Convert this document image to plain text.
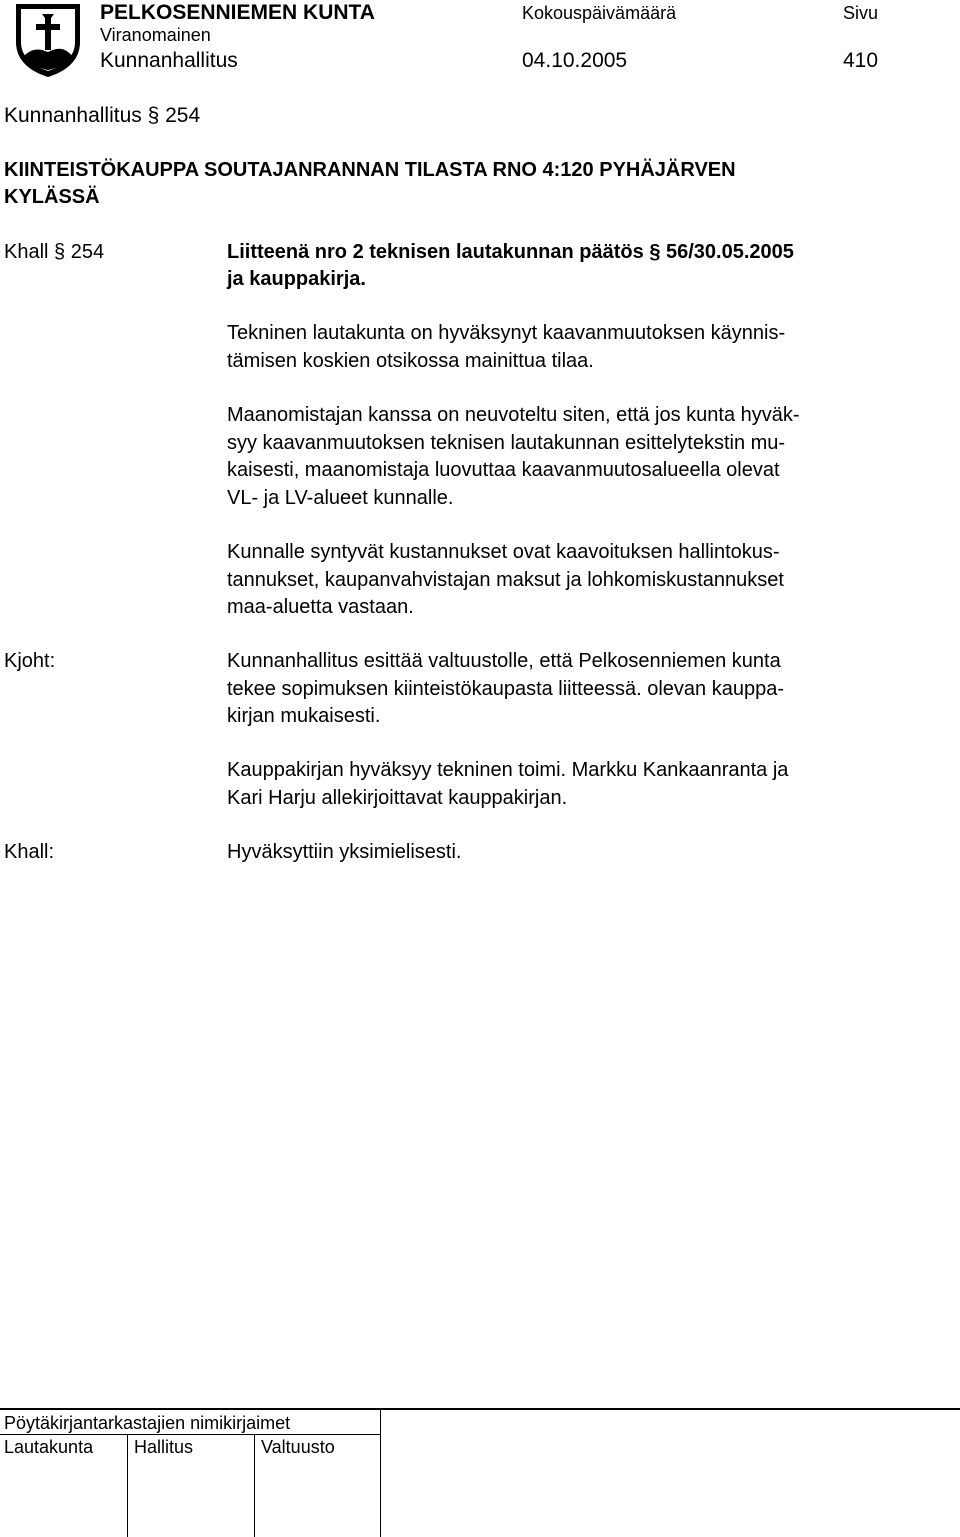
PELKOSENNIEMEN KUNTA
Viranomainen
Kunnanhallitus
Kokouspäivämäärä
04.10.2005
Sivu
410
Kunnanhallitus § 254
KIINTEISTÖKAUPPA SOUTAJANRANNAN TILASTA RNO 4:120 PYHÄJÄRVEN
KYLÄSSÄ
Khall § 254	Liitteenä nro 2 teknisen lautakunnan päätös § 56/30.05.2005
ja kauppakirja.

Tekninen lautakunta on hyväksynyt kaavanmuutoksen käynnis-

tämisen koskien otsikossa mainittua tilaa.

Maanomistajan kanssa on neuvoteltu siten, että jos kunta hyväk-

syy kaavanmuutoksen teknisen lautakunnan esittelytekstin mu-

kaisesti, maanomistaja luovuttaa kaavanmuutosalueella olevat

VL- ja LV-alueet kunnalle.

Kunnalle syntyvät kustannukset ovat kaavoituksen hallintokus-

tannukset, kaupanvahvistajan maksut ja lohkomiskustannukset

maa-aluetta vastaan.

Kjoht:	Kunnanhallitus esittää valtuustolle, että Pelkosenniemen kunta

tekee sopimuksen kiinteistökaupasta liitteessä. olevan kauppa-

kirjan mukaisesti.

Kauppakirjan hyväksyy tekninen toimi. Markku Kankaanranta ja

Kari Harju allekirjoittavat kauppakirjan.

Khall:	Hyväksyttiin yksimielisesti.
Pöytäkirjantarkastajien nimikirjaimet
Lautakunta Hallitus	Valtuusto
